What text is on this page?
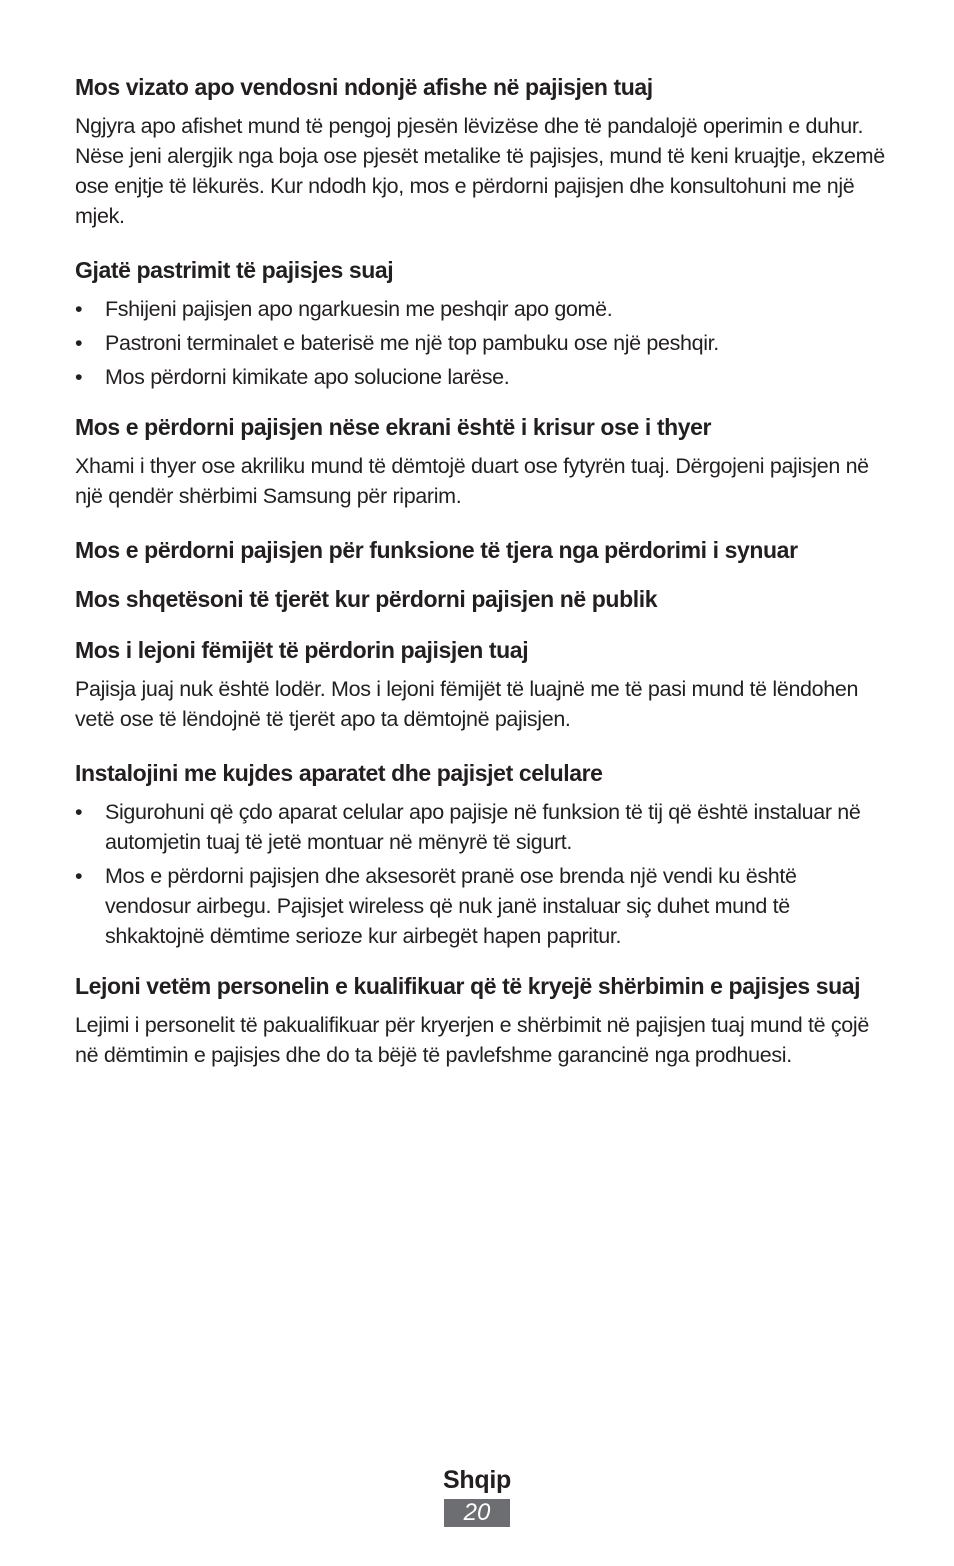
Mos vizato apo vendosni ndonjë afishe në pajisjen tuaj

Ngjyra apo afishet mund të pengoj pjesën lëvizëse dhe të pandalojë operimin e duhur. Nëse jeni alergjik nga boja ose pjesët metalike të pajisjes, mund të keni kruajtje, ekzemë ose enjtje të lëkurës. Kur ndodh kjo, mos e përdorni pajisjen dhe konsultohuni me një mjek.

Gjatë pastrimit të pajisjes suaj
• Fshijeni pajisjen apo ngarkuesin me peshqir apo gomë.
• Pastroni terminalet e baterisë me një top pambuku ose një peshqir.
• Mos përdorni kimikate apo solucione larëse.
Mos e përdorni pajisjen nëse ekrani është i krisur ose i thyer

Xhami i thyer ose akriliku mund të dëmtojë duart ose fytyrën tuaj. Dërgojeni pajisjen në një qendër shërbimi Samsung për riparim.

Mos e përdorni pajisjen për funksione të tjera nga përdorimi i synuar
Mos shqetësoni të tjerët kur përdorni pajisjen në publik
Mos i lejoni fëmijët të përdorin pajisjen tuaj

Pajisja juaj nuk është lodër. Mos i lejoni fëmijët të luajnë me të pasi mund të lëndohen vetë ose të lëndojnë të tjerët apo ta dëmtojnë pajisjen.

Instalojini me kujdes aparatet dhe pajisjet celulare
• Sigurohuni që çdo aparat celular apo pajisje në funksion të tij që është instaluar në automjetin tuaj të jetë montuar në mënyrë të sigurt.
• Mos e përdorni pajisjen dhe aksesorët pranë ose brenda një vendi ku është vendosur airbegu. Pajisjet wireless që nuk janë instaluar siç duhet mund të shkaktojnë dëmtime serioze kur airbegët hapen papritur.
Lejoni vetëm personelin e kualifikuar që të kryejë shërbimin e pajisjes suaj

Lejimi i personelit të pakualifikuar për kryerjen e shërbimit në pajisjen tuaj mund të çojë në dëmtimin e pajisjes dhe do ta bëjë të pavlefshme garancinë nga prodhuesi.

Shqip
20
